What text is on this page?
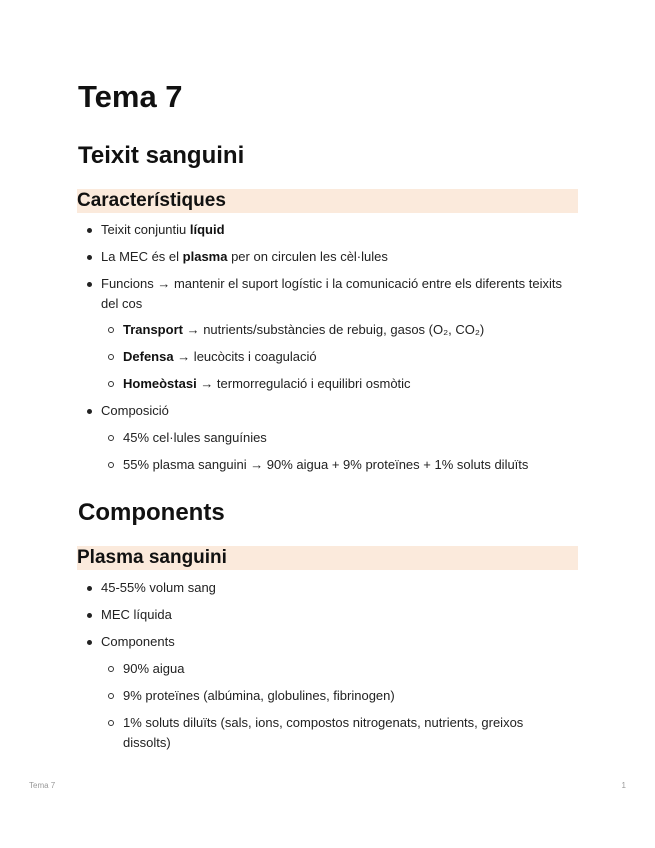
Tema 7
Teixit sanguini
Característiques
Teixit conjuntiu líquid
La MEC és el plasma per on circulen les cèl·lules
Funcions → mantenir el suport logístic i la comunicació entre els diferents teixits del cos
Transport → nutrients/substàncies de rebuig, gasos (O₂, CO₂)
Defensa → leucòcits i coagulació
Homeòstasi → termorregulació i equilibri osmòtic
Composició
45% cel·lules sanguínies
55% plasma sanguini → 90% aigua + 9% proteïnes + 1% soluts diluïts
Components
Plasma sanguini
45-55% volum sang
MEC líquida
Components
90% aigua
9% proteïnes (albúmina, globulines, fibrinogen)
1% soluts diluïts (sals, ions, compostos nitrogenats, nutrients, greixos dissolts)
Tema 7	1
